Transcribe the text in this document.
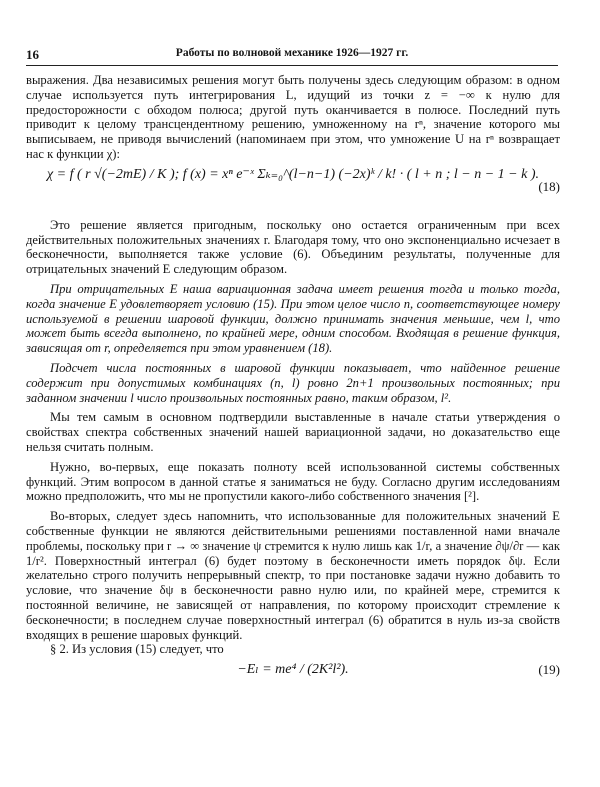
16	Работы по волновой механике 1926—1927 гг.

выражения. Два независимых решения могут быть получены здесь следующим образом: в одном случае используется путь интегрирования L, идущий из точки z = −∞ к нулю для предосторожности с обходом полюса; другой путь оканчивается в полюсе. Последний путь приводит к целому трансцендентному решению, умноженному на rⁿ, значение которого мы выписываем, не приводя вычислений (напоминаем при этом, что умножение U на rⁿ возвращает нас к функции χ):

χ = f ( r √(−2mE) / K ); f (x) = xⁿ e⁻ˣ Σₖ₌₀^(l−n−1) (−2x)ᵏ / k! · ( l + n ; l − n − 1 − k ).
(18)

Это решение является пригодным, поскольку оно остается ограниченным при всех действительных положительных значениях r. Благодаря тому, что оно экспоненциально исчезает в бесконечности, выполняется также условие (6). Объединим результаты, полученные для отрицательных значений E следующим образом.

При отрицательных E наша вариационная задача имеет решения тогда и только тогда, когда значение E удовлетворяет условию (15). При этом целое число n, соответствующее номеру используемой в решении шаровой функции, должно принимать значения меньшие, чем l, что может быть всегда выполнено, по крайней мере, одним способом. Входящая в решение функция, зависящая от r, определяется при этом уравнением (18).

Подсчет числа постоянных в шаровой функции показывает, что найденное решение содержит при допустимых комбинациях (n, l) ровно 2n+1 произвольных постоянных; при заданном значении l число произвольных постоянных равно, таким образом, l².

Мы тем самым в основном подтвердили выставленные в начале статьи утверждения о свойствах спектра собственных значений нашей вариационной задачи, но доказательство еще нельзя считать полным.

Нужно, во-первых, еще показать полноту всей использованной системы собственных функций. Этим вопросом в данной статье я заниматься не буду. Согласно другим исследованиям можно предположить, что мы не пропустили какого-либо собственного значения [²].

Во-вторых, следует здесь напомнить, что использованные для положительных значений E собственные функции не являются действительными решениями поставленной нами вначале проблемы, поскольку при r → ∞ значение ψ стремится к нулю лишь как 1/r, а значение ∂ψ/∂r — как 1/r². Поверхностный интеграл (6) будет поэтому в бесконечности иметь порядок δψ. Если желательно строго получить непрерывный спектр, то при постановке задачи нужно добавить то условие, что значение δψ в бесконечности равно нулю или, по крайней мере, стремится к постоянной величине, не зависящей от направления, по которому происходит стремление к бесконечности; в последнем случае поверхностный интеграл (6) обратится в нуль из-за свойств входящих в решение шаровых функций.

§ 2. Из условия (15) следует, что

−Eₗ = me⁴ / (2K²l²).	(19)
